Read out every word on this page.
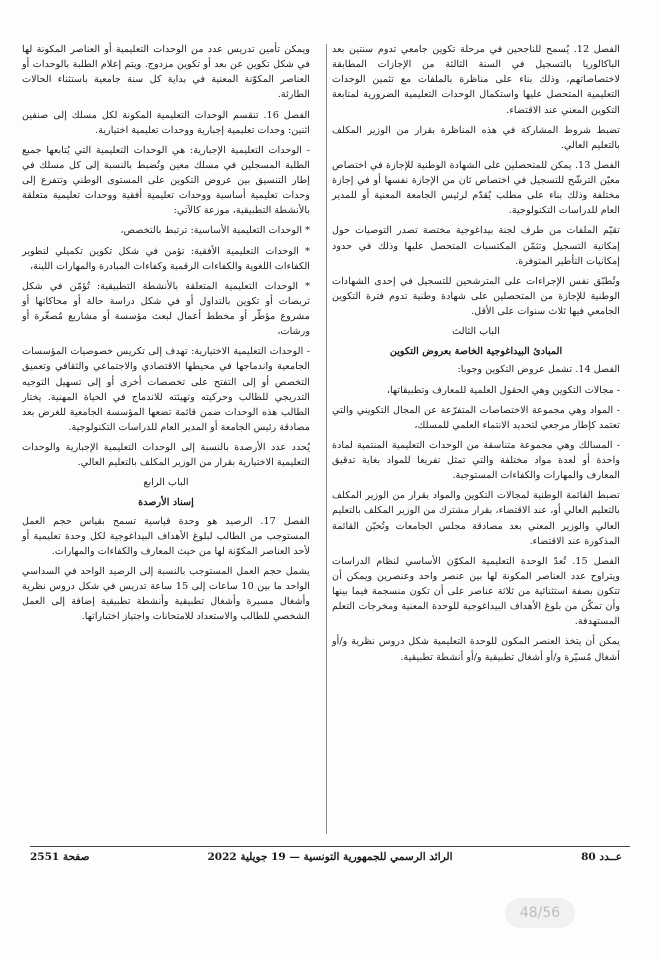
الفصل 12. يُسمح للناجحين في مرحلة تكوين جامعي تدوم سنتين بعد الباكالوريا بالتسجيل في السنة الثالثة من الإجازات المطابقة لاختصاصاتهم، وذلك بناء على مناظرة بالملفات مع تثمين الوحدات التعليمية المتحصل عليها واستكمال الوحدات التعليمية الضرورية لمتابعة التكوين المعني عند الاقتضاء.

تضبط شروط المشاركة في هذه المناظرة بقرار من الوزير المكلف بالتعليم العالي.

الفصل 13. يمكن للمتحصلين على الشهادة الوطنية للإجازة في اختصاص معيّن الترشّح للتسجيل في اختصاص ثان من الإجازة نفسها أو في إجازة مختلفة وذلك بناء على مطلب يُقدّم لرئيس الجامعة المعنية أو للمدير العام للدراسات التكنولوجية.

تقيّم الملفات من طرف لجنة بيداغوجية مختصة تصدر التوصيات حول إمكانية التسجيل وتثمّن المكتسبات المتحصل عليها وذلك في حدود إمكانيات التأطير المتوفرة.

وتُطبّق نفس الإجراءات على المترشحين للتسجيل في إحدى الشهادات الوطنية للإجازة من المتحصلين على شهادة وطنية تدوم فترة التكوين الجامعي فيها ثلاث سنوات على الأقل.

الباب الثالث

المبادئ البيداغوجية الخاصة بعروض التكوين

الفصل 14. تشمل عروض التكوين وجوبا:

- مجالات التكوين وهي الحقول العلمية للمعارف وتطبيقاتها،

- المواد وهي مجموعة الاختصاصات المتفرّعة عن المجال التكويني والتي تعتمد كإطار مرجعي لتحديد الانتماء العلمي للمسلك،

- المسالك وهي مجموعة متناسقة من الوحدات التعليمية المنتمية لمادة واحدة أو لعدة مواد مختلفة والتي تمثل تفريعا للمواد بغاية تدقيق المعارف والمهارات والكفاءات المستوجبة.

تضبط القائمة الوطنية لمجالات التكوين والمواد بقرار من الوزير المكلف بالتعليم العالي أو، عند الاقتضاء، بقرار مشترك من الوزير المكلف بالتعليم العالي والوزير المعني بعد مصادقة مجلس الجامعات وتُحيّن القائمة المذكورة عند الاقتضاء.

الفصل 15. تُعدّ الوحدة التعليمية المكوّن الأساسي لنظام الدراسات ويتراوح عدد العناصر المكونة لها بين عنصر واحد وعنصرين ويمكن أن تتكون بصفة استثنائية من ثلاثة عناصر على أن تكون منسجمة فيما بينها وأن تمكّن من بلوغ الأهداف البيداغوجية للوحدة المعنية ومخرجات التعلم المستهدفة.

يمكن أن يتخذ العنصر المكون للوحدة التعليمية شكل دروس نظرية و/أو أشغال مُسيّرة و/أو أشغال تطبيقية و/أو أنشطة تطبيقية.

ويمكن تأمين تدريس عدد من الوحدات التعليمية أو العناصر المكونة لها في شكل تكوين عن بعد أو تكوين مزدوج. ويتم إعلام الطلبة بالوحدات أو العناصر المكوّنة المعنية في بداية كل سنة جامعية باستثناء الحالات الطارئة.

الفصل 16. تنقسم الوحدات التعليمية المكونة لكل مسلك إلى صنفين اثنين: وحدات تعليمية إجبارية ووحدات تعليمية اختيارية.

- الوحدات التعليمية الإجبارية: هي الوحدات التعليمية التي يُتابعها جميع الطلبة المسجلين في مسلك معين وتُضبط بالنسبة إلى كل مسلك في إطار التنسيق بين عروض التكوين على المستوى الوطني وتتفرع إلى وحدات تعليمية أساسية ووحدات تعليمية أفقية ووحدات تعليمية متعلقة بالأنشطة التطبيقية، موزعة كالآتي:

* الوحدات التعليمية الأساسية: ترتبط بالتخصص،

* الوحدات التعليمية الأفقية: تؤمن في شكل تكوين تكميلي لتطوير الكفاءات اللغوية والكفاءات الرقمية وكفاءات المبادرة والمهارات اللينة،

* الوحدات التعليمية المتعلقة بالأنشطة التطبيقية: تُؤمّن في شكل تربصات أو تكوين بالتداول أو في شكل دراسة حالة أو محاكاتها أو مشروع مؤطّر أو مخطط أعمال لبعث مؤسسة أو مشاريع مُصغّرة أو ورشات،

- الوحدات التعليمية الاختيارية: تهدف إلى تكريس خصوصيات المؤسسات الجامعية واندماجها في محيطها الاقتصادي والاجتماعي والثقافي وتعميق التخصص أو إلى التفتح على تخصصات أخرى أو إلى تسهيل التوجيه التدريجي للطالب وحركيته وتهيئته للاندماج في الحياة المهنية. يختار الطالب هذه الوحدات ضمن قائمة تضعها المؤسسة الجامعية للغرض بعد مصادقة رئيس الجامعة أو المدير العام للدراسات التكنولوجية.

يُحدد عدد الأرصدة بالنسبة إلى الوحدات التعليمية الإجبارية والوحدات التعليمية الاختيارية بقرار من الوزير المكلف بالتعليم العالي.

الباب الرابع

إسناد الأرصدة

الفصل 17. الرصيد هو وحدة قياسية تسمح بقياس حجم العمل المستوجب من الطالب لبلوغ الأهداف البيداغوجية لكل وحدة تعليمية أو لأحد العناصر المكوّنة لها من حيث المعارف والكفاءات والمهارات.

يشمل حجم العمل المستوجب بالنسبة إلى الرصيد الواحد في السداسي الواحد ما بين 10 ساعات إلى 15 ساعة تدريس في شكل دروس نظرية وأشغال مسيرة وأشغال تطبيقية وأنشطة تطبيقية إضافة إلى العمل الشخصي للطالب والاستعداد للامتحانات واجتياز اختباراتها.

عــدد 80
الرائد الرسمي للجمهورية التونسية — 19 جويلية 2022
صفحة 2551
48/56
